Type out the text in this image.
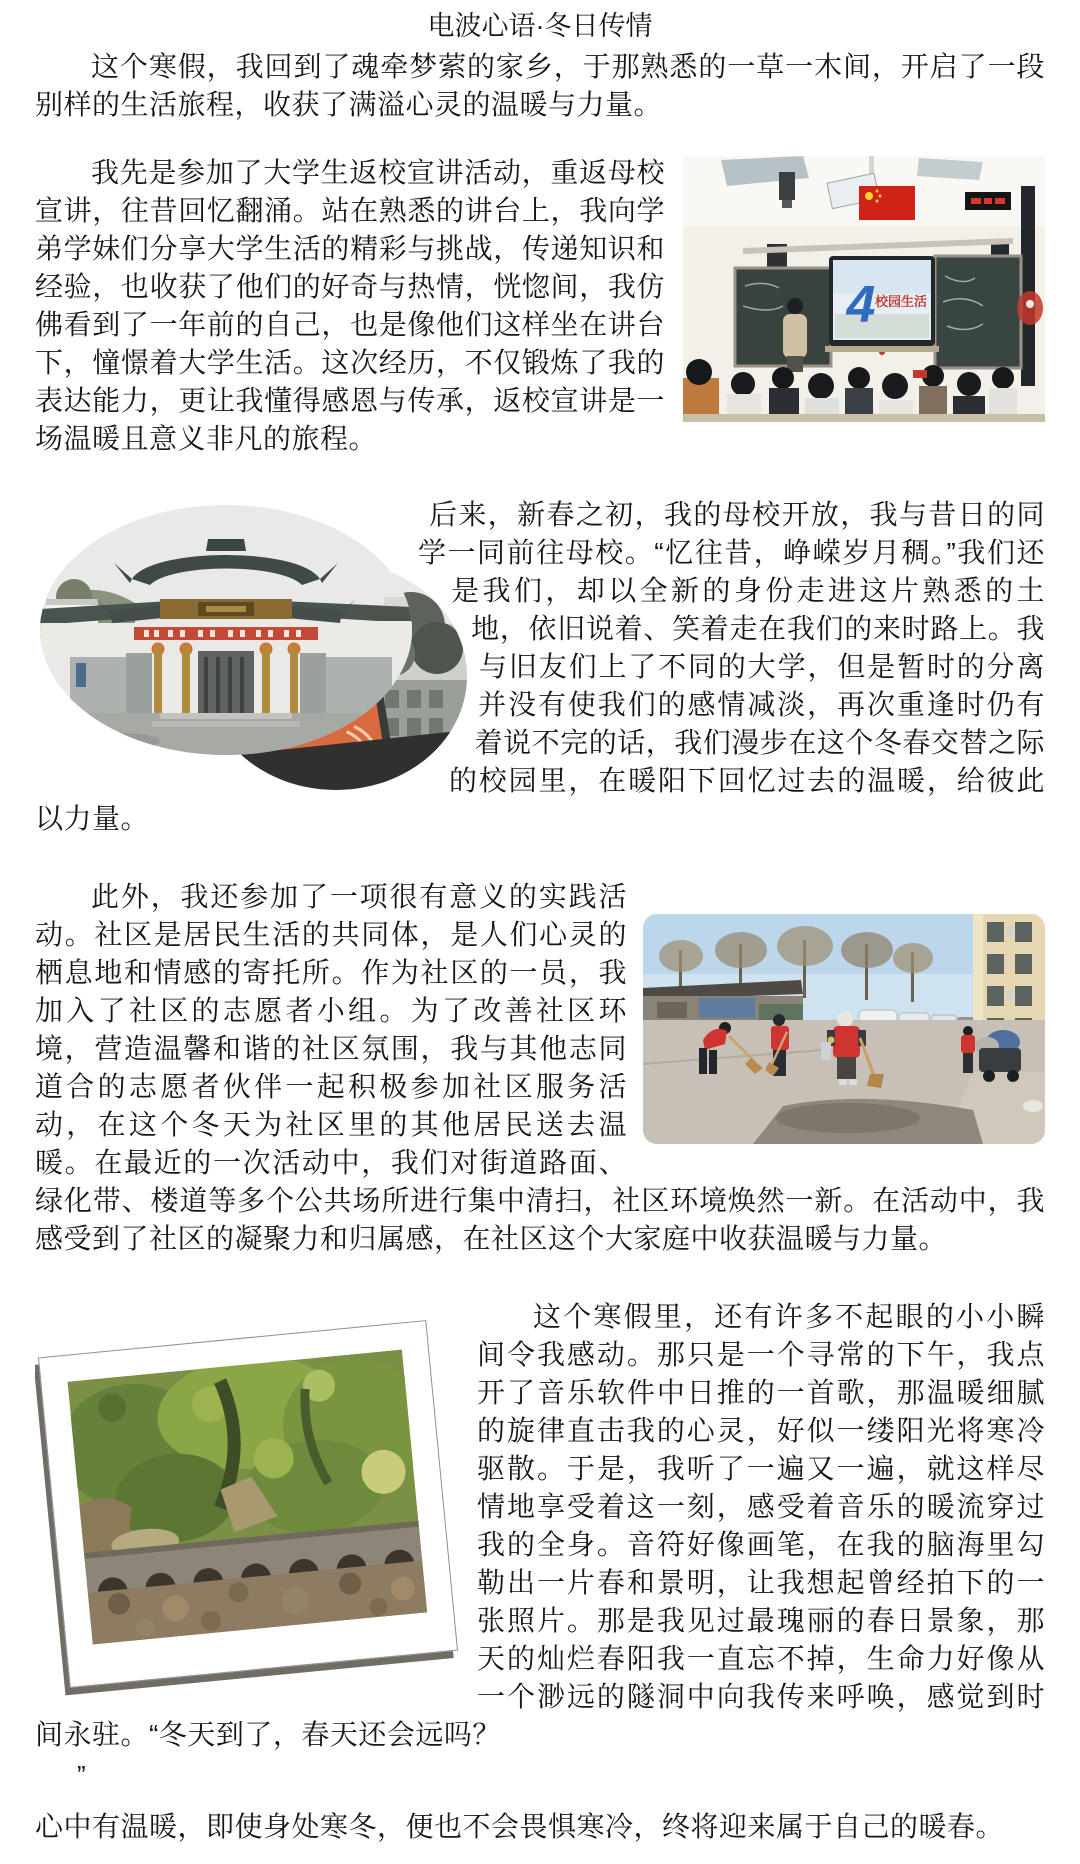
电波心语·冬日传情

这个寒假，我回到了魂牵梦萦的家乡，于那熟悉的一草一木间，开启了一段别样的生活旅程，收获了满溢心灵的温暖与力量。

4 校园生活

我先是参加了大学生返校宣讲活动，重返母校宣讲，往昔回忆翻涌。站在熟悉的讲台上，我向学弟学妹们分享大学生活的精彩与挑战，传递知识和经验，也收获了他们的好奇与热情，恍惚间，我仿佛看到了一年前的自己，也是像他们这样坐在讲台下，憧憬着大学生活。这次经历，不仅锻炼了我的表达能力，更让我懂得感恩与传承，返校宣讲是一场温暖且意义非凡的旅程。

后来，新春之初，我的母校开放，我与昔日的同学一同前往母校。“忆往昔，峥嵘岁月稠。”我们还是我们，却以全新的身份走进这片熟悉的土地，依旧说着、笑着走在我们的来时路上。我与旧友们上了不同的大学，但是暂时的分离并没有使我们的感情减淡，再次重逢时仍有着说不完的话，我们漫步在这个冬春交替之际的校园里，在暖阳下回忆过去的温暖，给彼此以力量。

此外，我还参加了一项很有意义的实践活动。社区是居民生活的共同体，是人们心灵的栖息地和情感的寄托所。作为社区的一员，我加入了社区的志愿者小组。为了改善社区环境，营造温馨和谐的社区氛围，我与其他志同道合的志愿者伙伴一起积极参加社区服务活动，在这个冬天为社区里的其他居民送去温暖。在最近的一次活动中，我们对街道路面、绿化带、楼道等多个公共场所进行集中清扫，社区环境焕然一新。在活动中，我感受到了社区的凝聚力和归属感，在社区这个大家庭中收获温暖与力量。

这个寒假里，还有许多不起眼的小小瞬间令我感动。那只是一个寻常的下午，我点开了音乐软件中日推的一首歌，那温暖细腻的旋律直击我的心灵，好似一缕阳光将寒冷驱散。于是，我听了一遍又一遍，就这样尽情地享受着这一刻，感受着音乐的暖流穿过我的全身。音符好像画笔，在我的脑海里勾勒出一片春和景明，让我想起曾经拍下的一张照片。那是我见过最瑰丽的春日景象，那天的灿烂春阳我一直忘不掉，生命力好像从一个渺远的隧洞中向我传来呼唤，感觉到时间永驻。“冬天到了，春天还会远吗？

”

心中有温暖，即使身处寒冬，便也不会畏惧寒冷，终将迎来属于自己的暖春。
